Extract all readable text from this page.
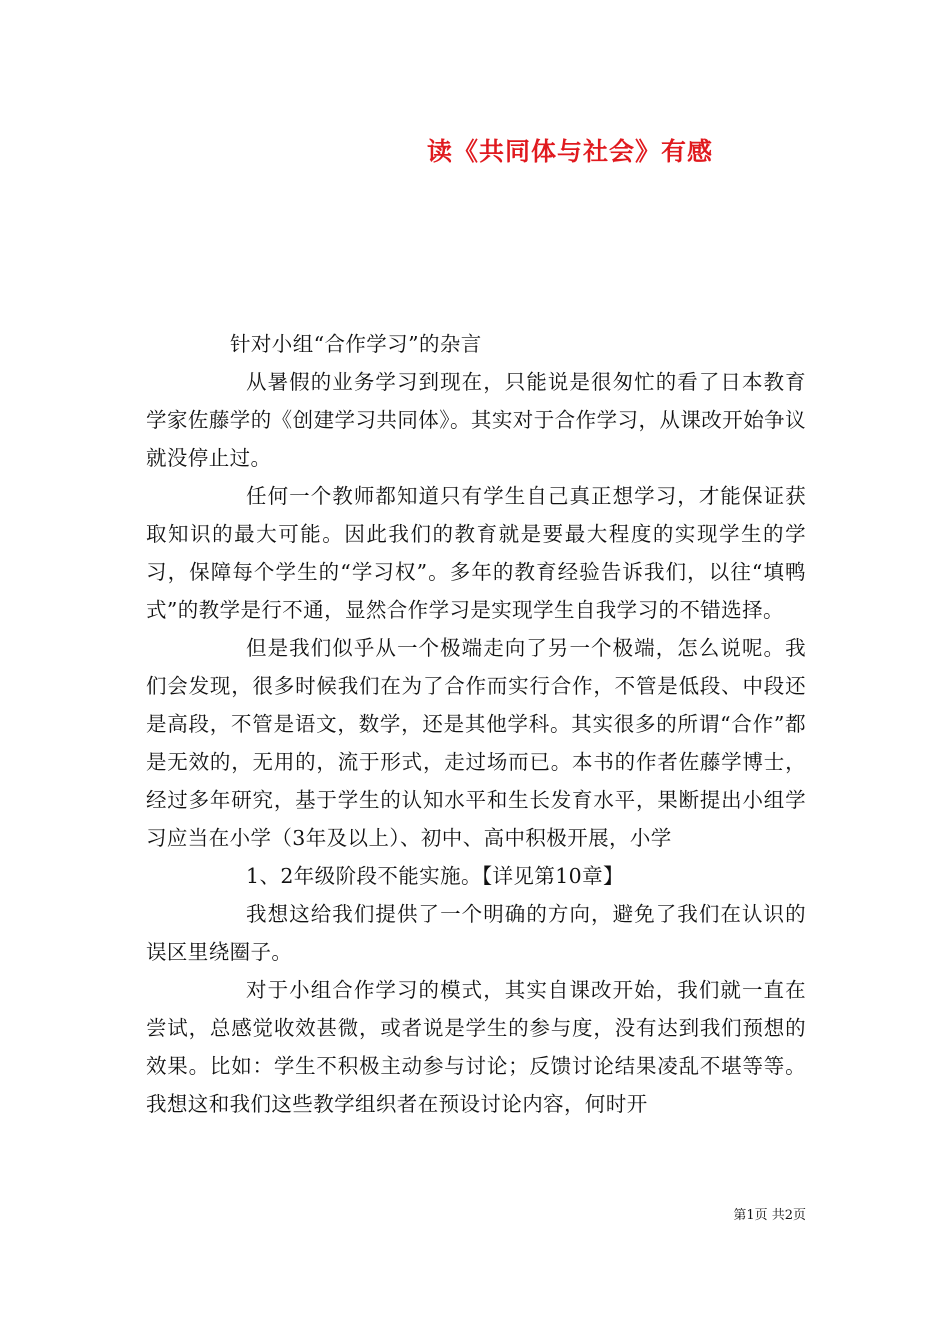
读《共同体与社会》有感

针对小组“合作学习”的杂言

从暑假的业务学习到现在，只能说是很匆忙的看了日本教育学家佐藤学的《创建学习共同体》。其实对于合作学习，从课改开始争议就没停止过。

任何一个教师都知道只有学生自己真正想学习，才能保证获取知识的最大可能。因此我们的教育就是要最大程度的实现学生的学习，保障每个学生的“学习权”。多年的教育经验告诉我们，以往“填鸭式”的教学是行不通，显然合作学习是实现学生自我学习的不错选择。

但是我们似乎从一个极端走向了另一个极端，怎么说呢。我们会发现，很多时候我们在为了合作而实行合作，不管是低段、中段还是高段，不管是语文，数学，还是其他学科。其实很多的所谓“合作”都是无效的，无用的，流于形式，走过场而已。本书的作者佐藤学博士，经过多年研究，基于学生的认知水平和生长发育水平，果断提出小组学习应当在小学（3年及以上）、初中、高中积极开展，小学

1、2年级阶段不能实施。【详见第10章】

我想这给我们提供了一个明确的方向，避免了我们在认识的误区里绕圈子。

对于小组合作学习的模式，其实自课改开始，我们就一直在尝试，总感觉收效甚微，或者说是学生的参与度，没有达到我们预想的效果。比如：学生不积极主动参与讨论；反馈讨论结果凌乱不堪等等。我想这和我们这些教学组织者在预设讨论内容，何时开

第1页 共2页
